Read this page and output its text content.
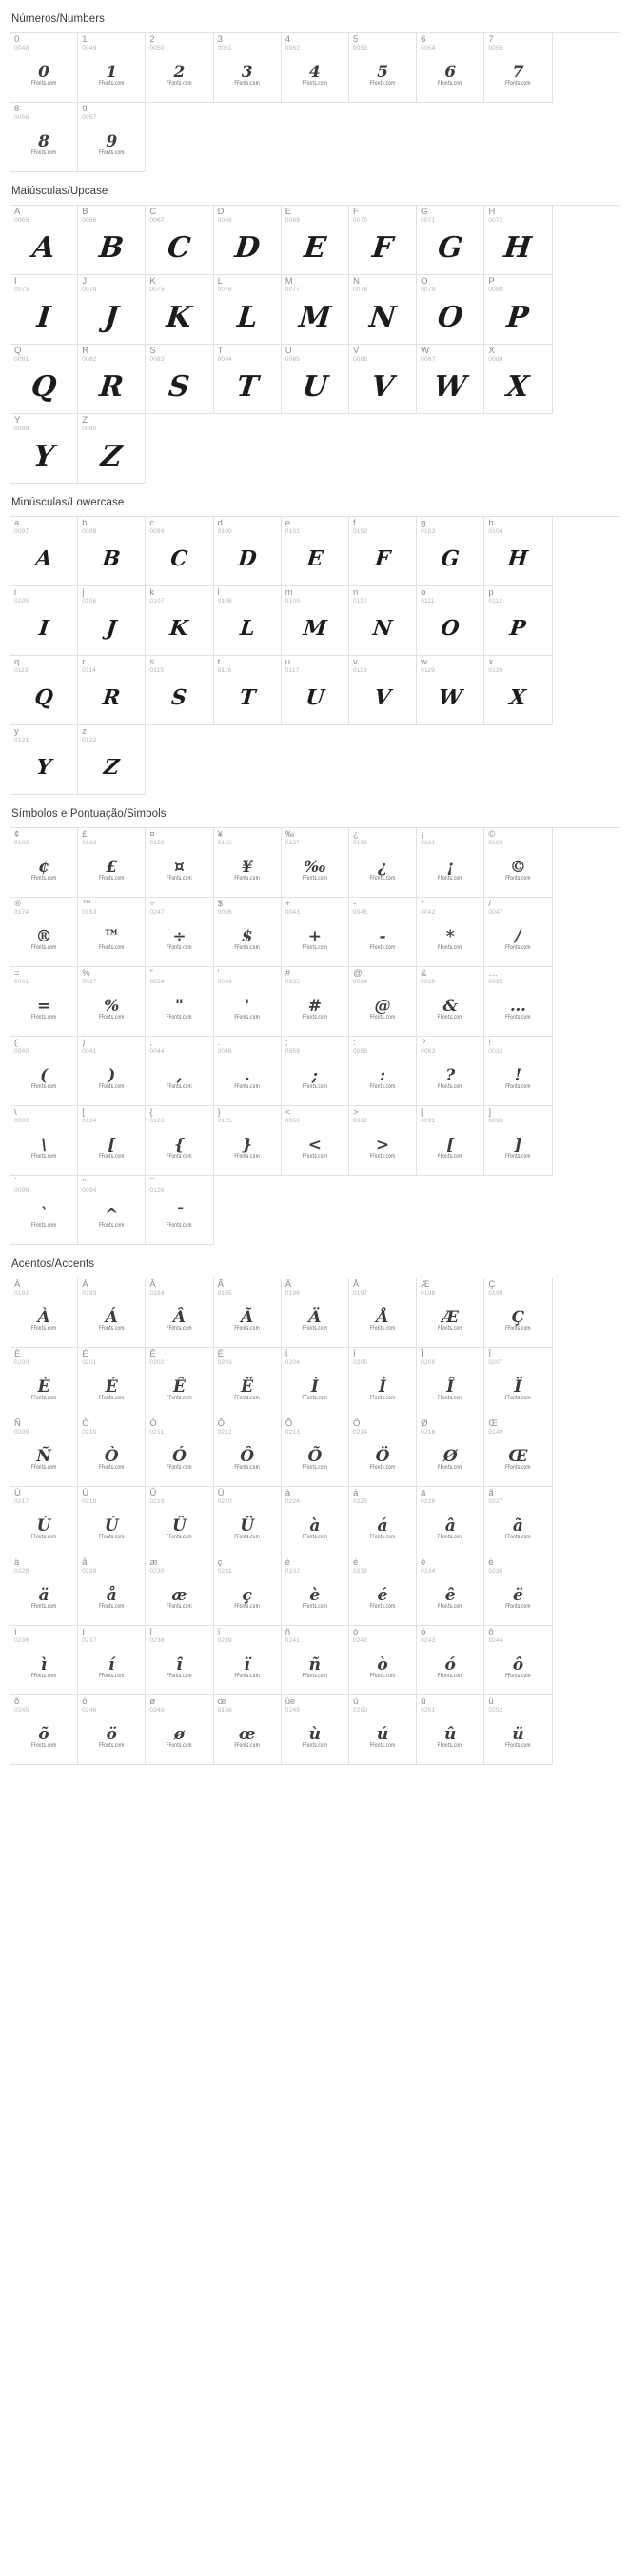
Números/Numbers
0
0048
0
FFonts.com
1
0049
1
FFonts.com
2
0050
2
FFonts.com
3
0051
3
FFonts.com
4
0052
4
FFonts.com
5
0053
5
FFonts.com
6
0054
6
FFonts.com
7
0055
7
FFonts.com
8
0056
8
FFonts.com
9
0057
9
FFonts.com
Maiúsculas/Upcase
A
0065
A
B
0066
B
C
0067
C
D
0068
D
E
0069
E
F
0070
F
G
0071
G
H
0072
H
I
0073
I
J
0074
J
K
0075
K
L
0076
L
M
0077
M
N
0078
N
O
0079
O
P
0080
P
Q
0081
Q
R
0082
R
S
0083
S
T
0084
T
U
0085
U
V
0086
V
W
0087
W
X
0088
X
Y
0089
Y
Z
0090
Z
Minúsculas/Lowercase
a
0097
A
b
0098
B
c
0099
C
d
0100
D
e
0101
E
f
0102
F
g
0103
G
h
0104
H
i
0105
I
j
0106
J
k
0107
K
l
0108
L
m
0109
M
n
0110
N
o
0111
O
p
0112
P
q
0113
Q
r
0114
R
s
0115
S
t
0116
T
u
0117
U
v
0118
V
w
0119
W
x
0120
X
y
0121
Y
z
0122
Z
Símbolos e Pontuação/Simbols
¢
0162
¢
FFonts.com
£
0163
£
FFonts.com
¤
0128
¤
FFonts.com
¥
0165
¥
FFonts.com
‰
0137
‰
FFonts.com
¿
0191
¿
FFonts.com
¡
0161
¡
FFonts.com
©
0169
©
FFonts.com
®
0174
®
FFonts.com
™
0153
™
FFonts.com
÷
0247
÷
FFonts.com
$
0036
$
FFonts.com
+
0043
+
FFonts.com
-
0045
-
FFonts.com
*
0042
*
FFonts.com
/
0047
/
FFonts.com
=
0061
=
FFonts.com
%
0037
%
FFonts.com
"
0034
"
FFonts.com
'
0039
'
FFonts.com
#
0035
#
FFonts.com
@
0064
@
FFonts.com
&
0038
&
FFonts.com
…
0095
…
FFonts.com
(
0040
(
FFonts.com
)
0041
)
FFonts.com
,
0044
,
FFonts.com
.
0046
.
FFonts.com
;
0059
;
FFonts.com
:
0058
:
FFonts.com
?
0063
?
FFonts.com
!
0033
!
FFonts.com
\
0092
\
FFonts.com
[
0124
[
FFonts.com
{
0123
{
FFonts.com
}
0125
}
FFonts.com
<
0060
<
FFonts.com
>
0062
>
FFonts.com
[
0091
[
FFonts.com
]
0093
]
FFonts.com
`
0096
`
FFonts.com
^
0094
^
FFonts.com
¯
0126
¯
FFonts.com
Acentos/Accents
À
0192
À
FFonts.com
Á
0193
Á
FFonts.com
Â
0194
Â
FFonts.com
Ã
0195
Ã
FFonts.com
Ä
0196
Ä
FFonts.com
Å
0197
Å
FFonts.com
Æ
0198
Æ
FFonts.com
Ç
0199
Ç
FFonts.com
È
0200
È
FFonts.com
É
0201
É
FFonts.com
Ê
0202
Ê
FFonts.com
Ë
0203
Ë
FFonts.com
Ì
0204
Ì
FFonts.com
Í
0205
Í
FFonts.com
Î
0206
Î
FFonts.com
Ï
0207
Ï
FFonts.com
Ñ
0209
Ñ
FFonts.com
Ò
0210
Ò
FFonts.com
Ó
0211
Ó
FFonts.com
Ô
0212
Ô
FFonts.com
Õ
0213
Õ
FFonts.com
Ö
0214
Ö
FFonts.com
Ø
0216
Ø
FFonts.com
Œ
0140
Œ
FFonts.com
Ù
0217
Ù
FFonts.com
Ú
0218
Ú
FFonts.com
Û
0219
Û
FFonts.com
Ü
0220
Ü
FFonts.com
à
0224
à
FFonts.com
á
0225
á
FFonts.com
â
0226
â
FFonts.com
ã
0227
ã
FFonts.com
ä
0228
ä
FFonts.com
å
0229
å
FFonts.com
æ
0230
æ
FFonts.com
ç
0231
ç
FFonts.com
è
0232
è
FFonts.com
é
0233
é
FFonts.com
ê
0234
ê
FFonts.com
ë
0235
ë
FFonts.com
ì
0236
ì
FFonts.com
í
0237
í
FFonts.com
î
0238
î
FFonts.com
ï
0239
ï
FFonts.com
ñ
0241
ñ
FFonts.com
ò
0242
ò
FFonts.com
ó
0243
ó
FFonts.com
ô
0244
ô
FFonts.com
õ
0245
õ
FFonts.com
ö
0246
ö
FFonts.com
ø
0248
ø
FFonts.com
œ
0156
œ
FFonts.com
ùe
0249
ù
FFonts.com
ú
0250
ú
FFonts.com
û
0251
û
FFonts.com
ü
0252
ü
FFonts.com
